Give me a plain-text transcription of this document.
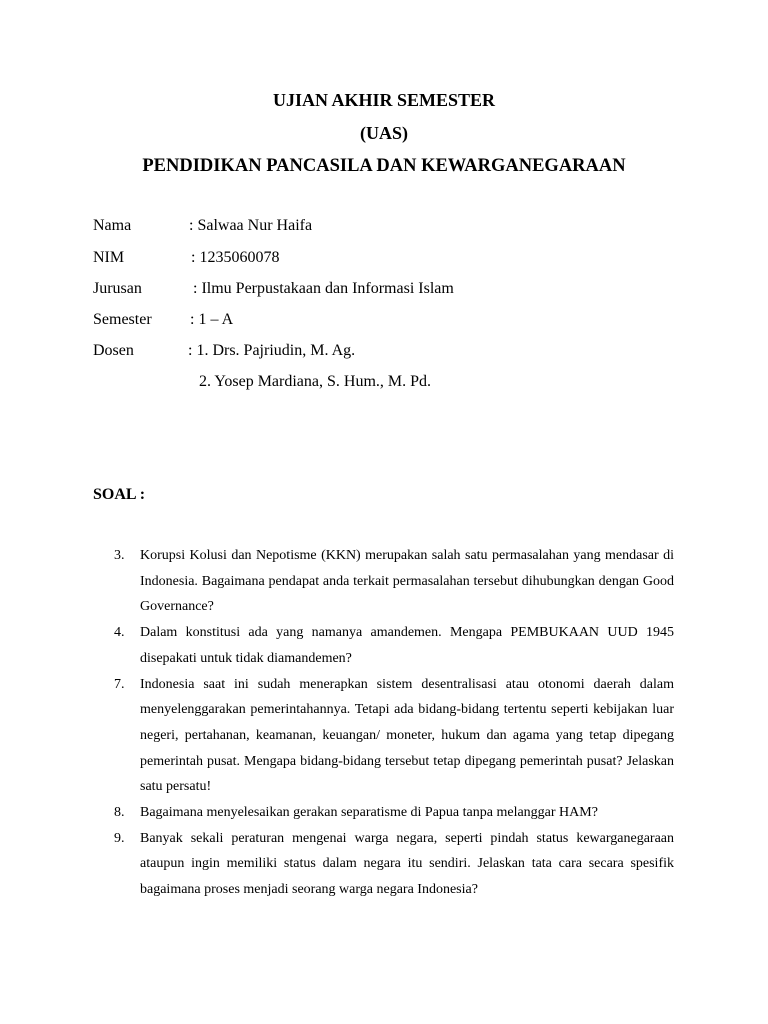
UJIAN AKHIR SEMESTER
(UAS)
PENDIDIKAN PANCASILA DAN KEWARGANEGARAAN
Nama	: Salwaa Nur Haifa
NIM	: 1235060078
Jurusan	: Ilmu Perpustakaan dan Informasi Islam
Semester : 1 – A
Dosen	: 1. Drs. Pajriudin, M. Ag.
2. Yosep Mardiana, S. Hum., M. Pd.
SOAL :
3. Korupsi Kolusi dan Nepotisme (KKN) merupakan salah satu permasalahan yang mendasar di Indonesia. Bagaimana pendapat anda terkait permasalahan tersebut dihubungkan dengan Good Governance?
4. Dalam konstitusi ada yang namanya amandemen. Mengapa PEMBUKAAN UUD 1945 disepakati untuk tidak diamandemen?
7. Indonesia saat ini sudah menerapkan sistem desentralisasi atau otonomi daerah dalam menyelenggarakan pemerintahannya. Tetapi ada bidang-bidang tertentu seperti kebijakan luar negeri, pertahanan, keamanan, keuangan/ moneter, hukum dan agama yang tetap dipegang pemerintah pusat. Mengapa bidang-bidang tersebut tetap dipegang pemerintah pusat? Jelaskan satu persatu!
8. Bagaimana menyelesaikan gerakan separatisme di Papua tanpa melanggar HAM?
9. Banyak sekali peraturan mengenai warga negara, seperti pindah status kewarganegaraan ataupun ingin memiliki status dalam negara itu sendiri. Jelaskan tata cara secara spesifik bagaimana proses menjadi seorang warga negara Indonesia?
